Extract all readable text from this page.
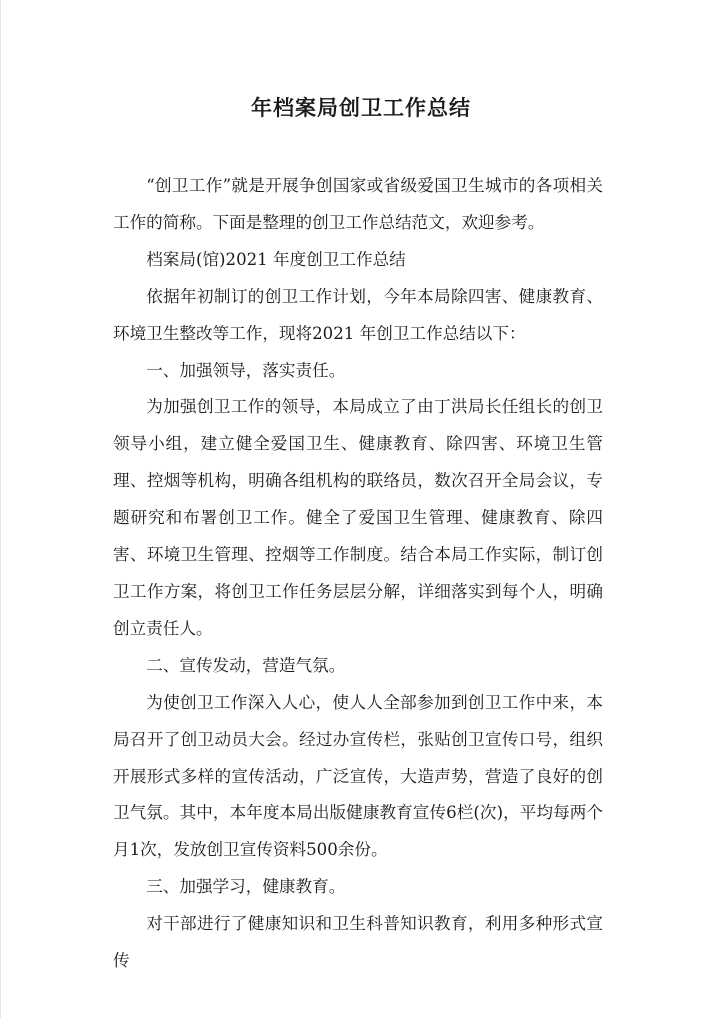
年档案局创卫工作总结

“创卫工作”就是开展争创国家或省级爱国卫生城市的各项相关工作的简称。下面是整理的创卫工作总结范文，欢迎参考。

档案局(馆)2021 年度创卫工作总结

依据年初制订的创卫工作计划，今年本局除四害、健康教育、环境卫生整改等工作，现将2021 年创卫工作总结以下：

一、加强领导，落实责任。

为加强创卫工作的领导，本局成立了由丁洪局长任组长的创卫领导小组，建立健全爱国卫生、健康教育、除四害、环境卫生管理、控烟等机构，明确各组机构的联络员，数次召开全局会议，专题研究和布署创卫工作。健全了爱国卫生管理、健康教育、除四害、环境卫生管理、控烟等工作制度。结合本局工作实际，制订创卫工作方案，将创卫工作任务层层分解，详细落实到每个人，明确创立责任人。

二、宣传发动，营造气氛。

为使创卫工作深入人心，使人人全部参加到创卫工作中来，本局召开了创卫动员大会。经过办宣传栏，张贴创卫宣传口号，组织开展形式多样的宣传活动，广泛宣传，大造声势，营造了良好的创卫气氛。其中，本年度本局出版健康教育宣传6栏(次)，平均每两个月1次，发放创卫宣传资料500余份。

三、加强学习，健康教育。

对干部进行了健康知识和卫生科普知识教育，利用多种形式宣传
